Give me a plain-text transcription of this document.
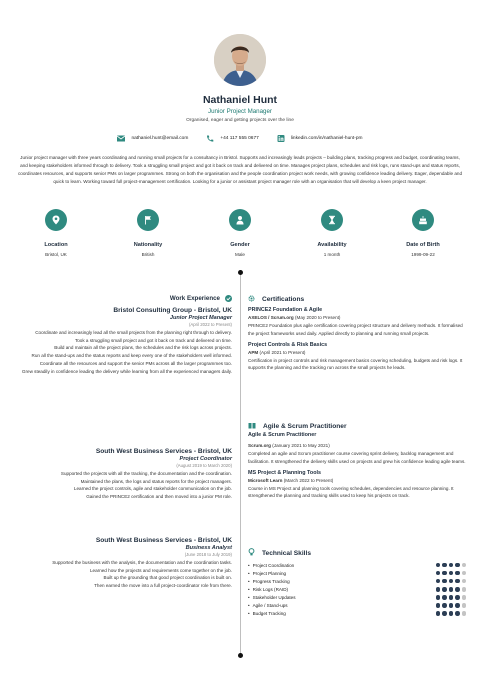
Nathaniel Hunt
Junior Project Manager
Organised, eager and getting projects over the line
nathaniel.hunt@email.com	+44 117 555 0677	linkedin.com/in/nathaniel-hunt-pm
Junior project manager with three years coordinating and running small projects for a consultancy in Bristol. Supports and increasingly leads projects – building plans, tracking progress and budget, coordinating teams, and keeping stakeholders informed through to delivery. Took a struggling small project and got it back on track and delivered on time. Manages project plans, schedules and risk logs, runs stand-ups and status reports, coordinates resources, and supports senior PMs on larger programmes. Strong on both the organisation and the people coordination project work needs, with growing confidence leading delivery. Eager, dependable and quick to learn. Working toward full project-management certification. Looking for a junior or assistant project manager role with an organisation that will develop a keen project manager.
Location
Bristol, UK
Nationality
British
Gender
Male
Availability
1 month
Date of Birth
1999-09-22
Work Experience
Bristol Consulting Group - Bristol, UK
Junior Project Manager
(April 2022 to Present)
Coordinate and increasingly lead all the small projects from the planning right through to delivery.
Took a struggling small project and got it back on track and delivered on time.
Build and maintain all the project plans, the schedules and the risk logs across projects.
Run all the stand-ups and the status reports and keep every one of the stakeholders well informed.
Coordinate all the resources and support the senior PMs across all the larger programmes too.
Grew steadily in confidence leading the delivery while learning from all the experienced managers daily.
South West Business Services - Bristol, UK
Project Coordinator
(August 2019 to March 2020)
Supported the projects with all the tracking, the documentation and the coordination.
Maintained the plans, the logs and status reports for the project managers.
Learned the project controls, agile and stakeholder communication on the job.
Gained the PRINCE2 certification and then moved into a junior PM role.
South West Business Services - Bristol, UK
Business Analyst
(June 2018 to July 2019)
Supported the business with the analysis, the documentation and the coordination tasks.
Learned how the projects and requirements come together on the job.
Built up the grounding that good project coordination is built on.
Then earned the move into a full project-coordinator role from there.
Certifications
PRINCE2 Foundation & Agile
AXELOS / Scrum.org (May 2020 to Present)
PRINCE2 Foundation plus agile certification covering project structure and delivery methods. It formalised the project frameworks used daily. Applied directly to planning and running small projects.
Project Controls & Risk Basics
APM (April 2021 to Present)
Certification in project controls and risk management basics covering scheduling, budgets and risk logs. It supports the planning and the tracking run across the small projects he leads.
Agile & Scrum Practitioner
Agile & Scrum Practitioner
Scrum.org (January 2021 to May 2021)
Completed an agile and Scrum practitioner course covering sprint delivery, backlog management and facilitation. It strengthened the delivery skills used on projects and grew his confidence leading agile teams.
MS Project & Planning Tools
Microsoft Learn (March 2022 to Present)
Course in MS Project and planning tools covering schedules, dependencies and resource planning. It strengthened the planning and tracking skills used to keep his projects on track.
Technical Skills
• Project Coordination
• Project Planning
• Progress Tracking
• Risk Logs (RAID)
• Stakeholder Updates
• Agile / Stand-ups
• Budget Tracking
